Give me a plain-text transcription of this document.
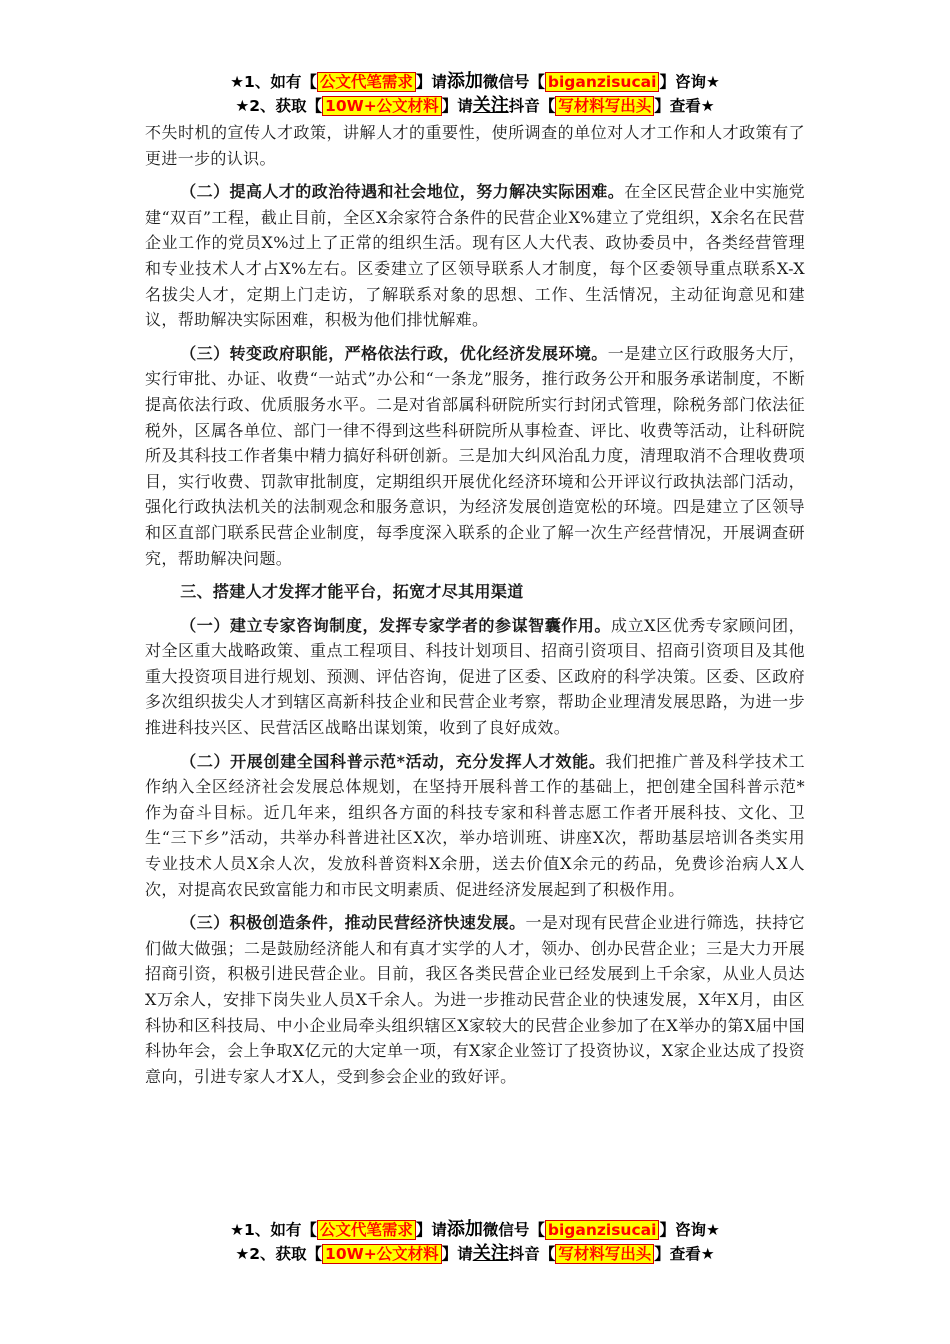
★1、如有【 公文代笔需求 】请添加微信号【 biganzisucai 】咨询★
★2、获取【 10W+公文材料 】请关注抖音【 写材料写出头 】查看★

不失时机的宣传人才政策，讲解人才的重要性，使所调查的单位对人才工作和人才政策有了更进一步的认识。

（二）提高人才的政治待遇和社会地位，努力解决实际困难。在全区民营企业中实施党建“双百”工程，截止目前，全区X余家符合条件的民营企业X%建立了党组织，X余名在民营企业工作的党员X%过上了正常的组织生活。现有区人大代表、政协委员中，各类经营管理和专业技术人才占X%左右。区委建立了区领导联系人才制度，每个区委领导重点联系X-X名拔尖人才，定期上门走访，了解联系对象的思想、工作、生活情况，主动征询意见和建议，帮助解决实际困难，积极为他们排忧解难。

（三）转变政府职能，严格依法行政，优化经济发展环境。一是建立区行政服务大厅，实行审批、办证、收费“一站式”办公和“一条龙”服务，推行政务公开和服务承诺制度，不断提高依法行政、优质服务水平。二是对省部属科研院所实行封闭式管理，除税务部门依法征税外，区属各单位、部门一律不得到这些科研院所从事检查、评比、收费等活动，让科研院所及其科技工作者集中精力搞好科研创新。三是加大纠风治乱力度，清理取消不合理收费项目，实行收费、罚款审批制度，定期组织开展优化经济环境和公开评议行政执法部门活动，强化行政执法机关的法制观念和服务意识，为经济发展创造宽松的环境。四是建立了区领导和区直部门联系民营企业制度，每季度深入联系的企业了解一次生产经营情况，开展调查研究，帮助解决问题。

三、搭建人才发挥才能平台，拓宽才尽其用渠道

（一）建立专家咨询制度，发挥专家学者的参谋智囊作用。成立X区优秀专家顾问团，对全区重大战略政策、重点工程项目、科技计划项目、招商引资项目、招商引资项目及其他重大投资项目进行规划、预测、评估咨询，促进了区委、区政府的科学决策。区委、区政府多次组织拔尖人才到辖区高新科技企业和民营企业考察，帮助企业理清发展思路，为进一步推进科技兴区、民营活区战略出谋划策，收到了良好成效。

（二）开展创建全国科普示范*活动，充分发挥人才效能。我们把推广普及科学技术工作纳入全区经济社会发展总体规划，在坚持开展科普工作的基础上，把创建全国科普示范*作为奋斗目标。近几年来，组织各方面的科技专家和科普志愿工作者开展科技、文化、卫生“三下乡”活动，共举办科普进社区X次，举办培训班、讲座X次，帮助基层培训各类实用专业技术人员X余人次，发放科普资料X余册，送去价值X余元的药品，免费诊治病人X人次，对提高农民致富能力和市民文明素质、促进经济发展起到了积极作用。

（三）积极创造条件，推动民营经济快速发展。一是对现有民营企业进行筛选，扶持它们做大做强；二是鼓励经济能人和有真才实学的人才，领办、创办民营企业；三是大力开展招商引资，积极引进民营企业。目前，我区各类民营企业已经发展到上千余家，从业人员达X万余人，安排下岗失业人员X千余人。为进一步推动民营企业的快速发展，X年X月，由区科协和区科技局、中小企业局牵头组织辖区X家较大的民营企业参加了在X举办的第X届中国科协年会，会上争取X亿元的大定单一项，有X家企业签订了投资协议，X家企业达成了投资意向，引进专家人才X人，受到参会企业的致好评。

★1、如有【 公文代笔需求 】请添加微信号【 biganzisucai 】咨询★
★2、获取【 10W+公文材料 】请关注抖音【 写材料写出头 】查看★
